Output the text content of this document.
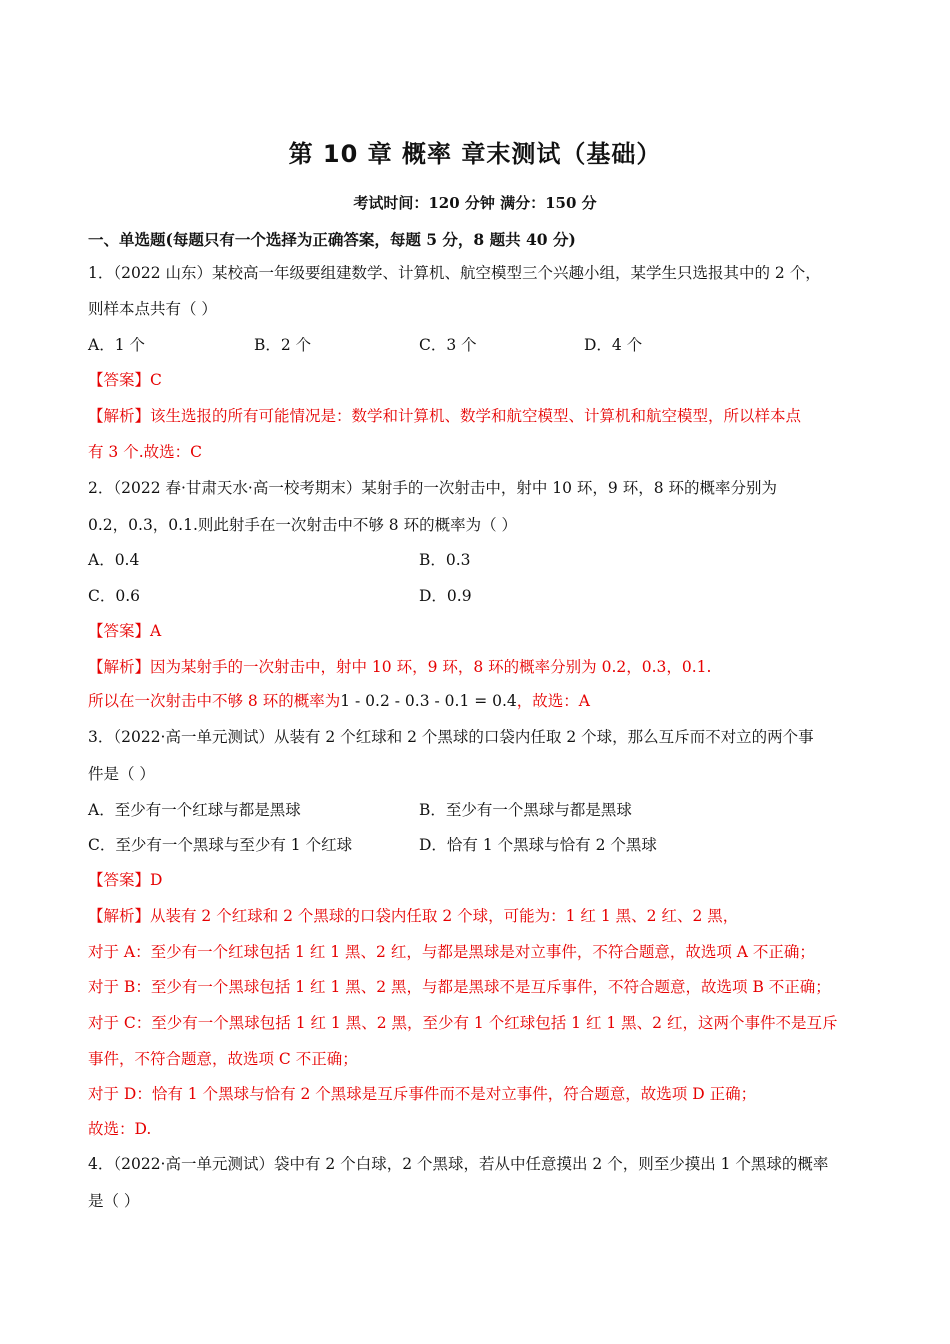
第 10 章 概率 章末测试（基础）
考试时间：120 分钟 满分：150 分
一、单选题(每题只有一个选择为正确答案，每题 5 分，8 题共 40 分)
1．（2022 山东）某校高一年级要组建数学、计算机、航空模型三个兴趣小组，某学生只选报其中的 2 个，
则样本点共有（ ）
A．1 个	B．2 个	C．3 个	D．4 个
【答案】C
【解析】该生选报的所有可能情况是：数学和计算机、数学和航空模型、计算机和航空模型，所以样本点
有 3 个.故选：C
2．（2022 春·甘肃天水·高一校考期末）某射手的一次射击中，射中 10 环，9 环，8 环的概率分别为
0.2，0.3，0.1.则此射手在一次射击中不够 8 环的概率为（ ）
A．0.4	B．0.3
C．0.6	D．0.9
【答案】A
【解析】因为某射手的一次射击中，射中 10 环，9 环，8 环的概率分别为 0.2，0.3，0.1.
所以在一次射击中不够 8 环的概率为1 - 0.2 - 0.3 - 0.1 = 0.4，故选：A
3．（2022·高一单元测试）从装有 2 个红球和 2 个黑球的口袋内任取 2 个球，那么互斥而不对立的两个事
件是（ ）
A．至少有一个红球与都是黑球	B．至少有一个黑球与都是黑球
C．至少有一个黑球与至少有 1 个红球	D．恰有 1 个黑球与恰有 2 个黑球
【答案】D
【解析】从装有 2 个红球和 2 个黑球的口袋内任取 2 个球，可能为：1 红 1 黑、2 红、2 黑，
对于 A：至少有一个红球包括 1 红 1 黑、2 红，与都是黑球是对立事件，不符合题意，故选项 A 不正确；
对于 B：至少有一个黑球包括 1 红 1 黑、2 黑，与都是黑球不是互斥事件，不符合题意，故选项 B 不正确；
对于 C：至少有一个黑球包括 1 红 1 黑、2 黑，至少有 1 个红球包括 1 红 1 黑、2 红，这两个事件不是互斥
事件，不符合题意，故选项 C 不正确；
对于 D：恰有 1 个黑球与恰有 2 个黑球是互斥事件而不是对立事件，符合题意，故选项 D 正确；
故选：D.
4．（2022·高一单元测试）袋中有 2 个白球，2 个黑球，若从中任意摸出 2 个，则至少摸出 1 个黑球的概率
是（ ）
